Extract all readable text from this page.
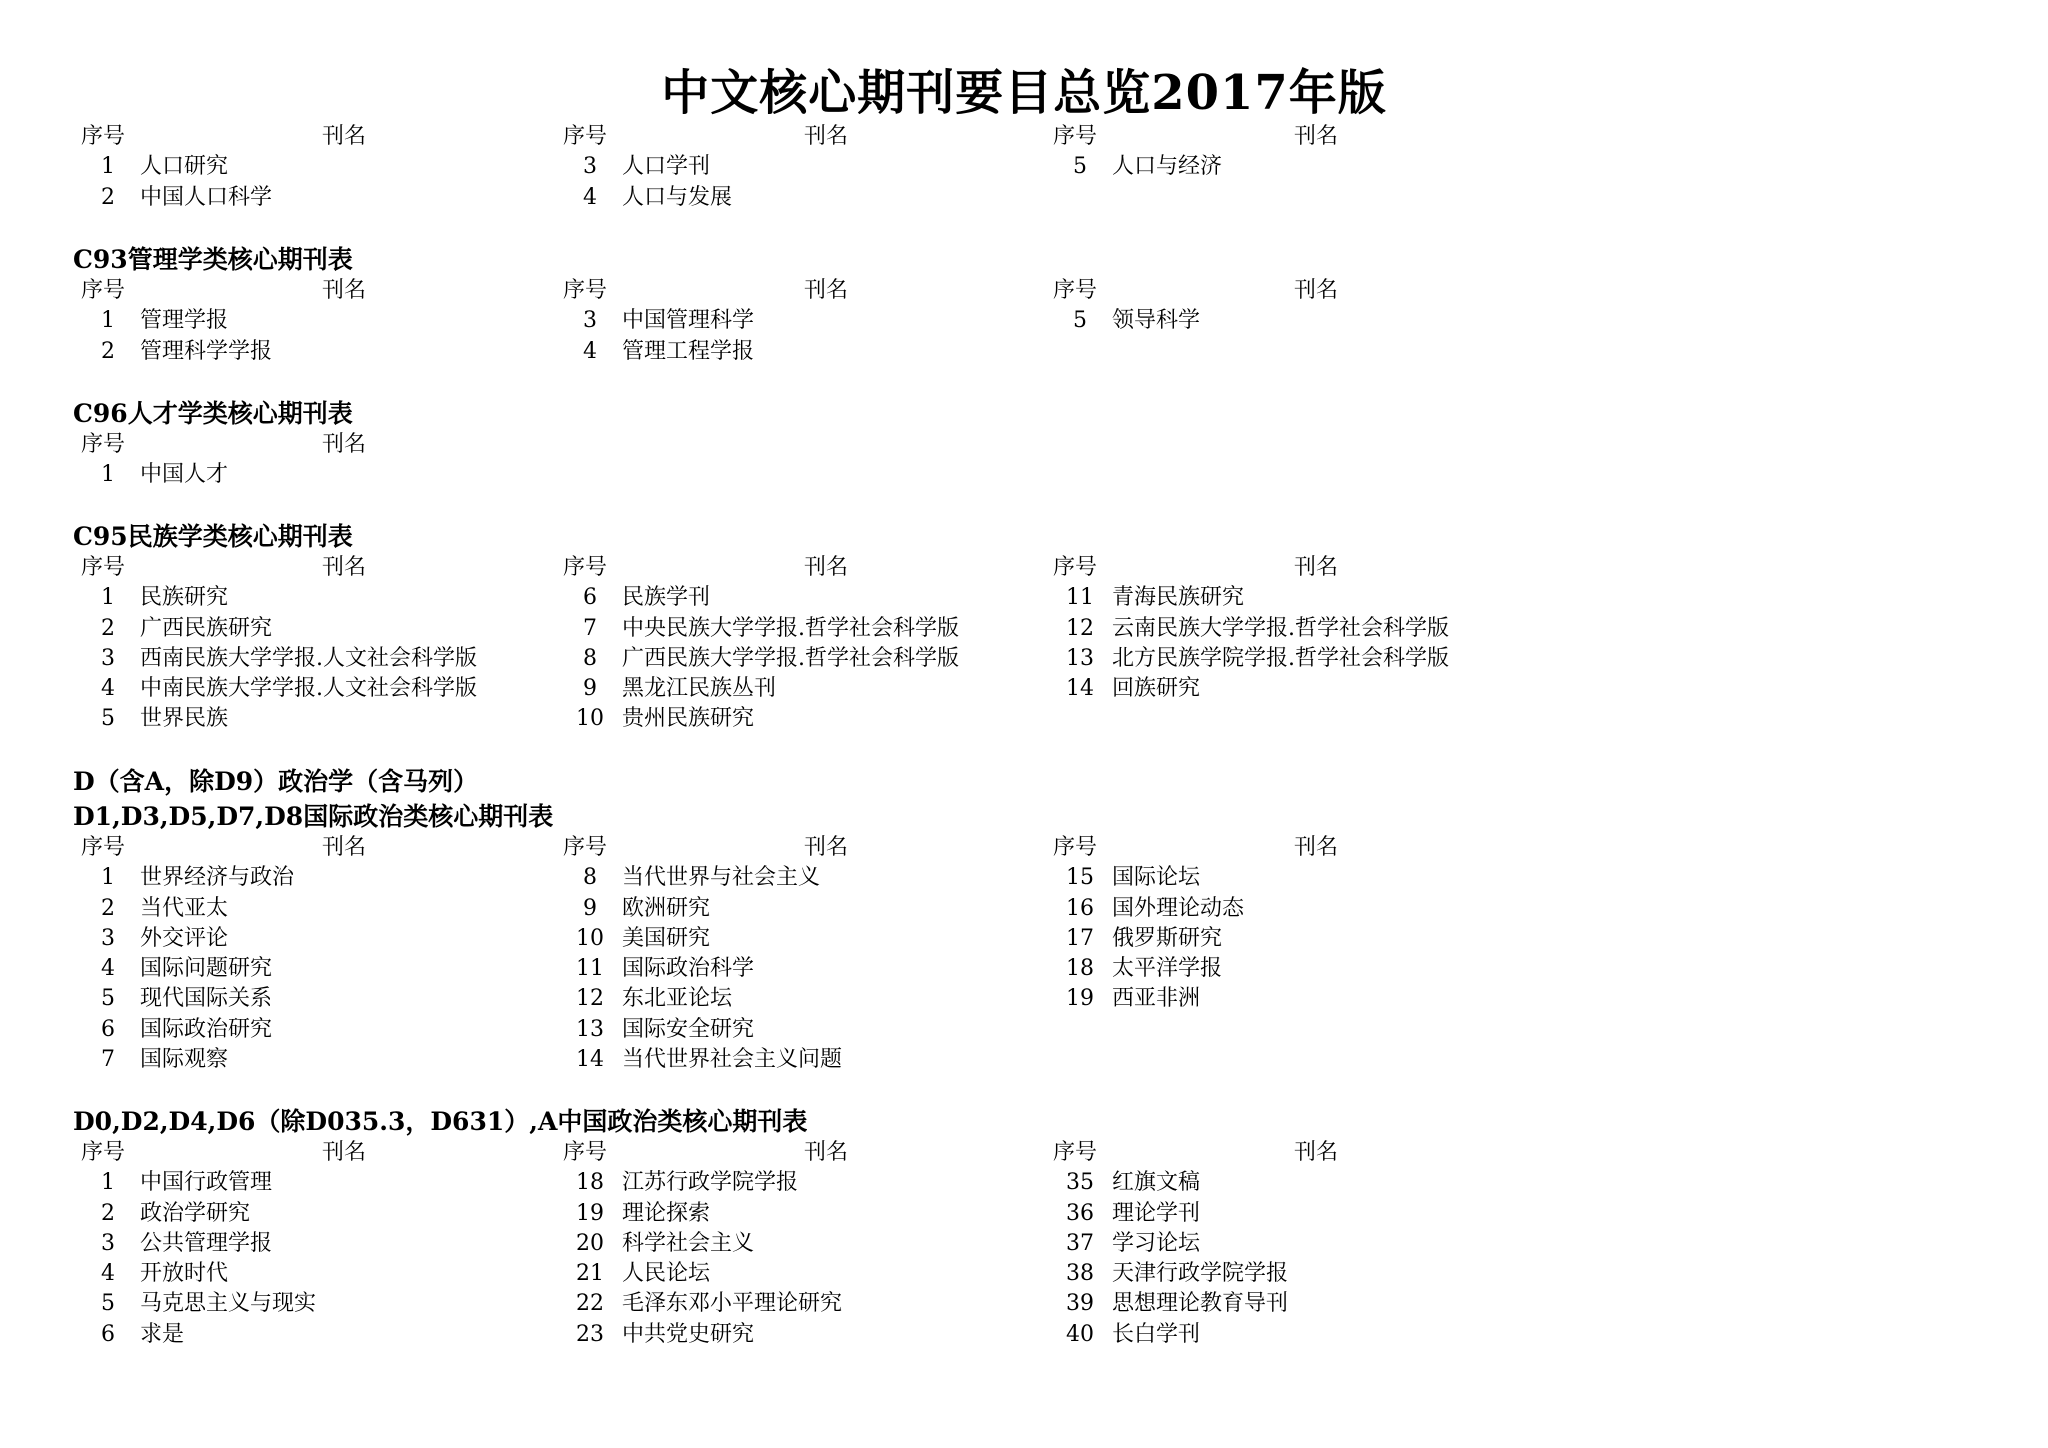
中文核心期刊要目总览2017年版
序号	刊名
1	人口研究
2	中国人口科学
序号	刊名
3	人口学刊
4	人口与发展
序号	刊名
5	人口与经济
C93管理学类核心期刊表
序号	刊名
1	管理学报
2	管理科学学报
序号	刊名
3	中国管理科学
4	管理工程学报
序号	刊名
5	领导科学
C96人才学类核心期刊表
序号	刊名
1	中国人才
C95民族学类核心期刊表
序号	刊名
1	民族研究
2	广西民族研究
3	西南民族大学学报.人文社会科学版
4	中南民族大学学报.人文社会科学版
5	世界民族
序号	刊名
6	民族学刊
7	中央民族大学学报.哲学社会科学版
8	广西民族大学学报.哲学社会科学版
9	黑龙江民族丛刊
10 贵州民族研究
序号	刊名
11 青海民族研究
12 云南民族大学学报.哲学社会科学版
13 北方民族学院学报.哲学社会科学版
14 回族研究
D（含A，除D9）政治学（含马列）
D1,D3,D5,D7,D8国际政治类核心期刊表
序号	刊名
1	世界经济与政治
2	当代亚太
3	外交评论
4	国际问题研究
5	现代国际关系
6	国际政治研究
7	国际观察
序号	刊名
8	当代世界与社会主义
9	欧洲研究
10 美国研究
11 国际政治科学
12 东北亚论坛
13 国际安全研究
14 当代世界社会主义问题
序号	刊名
15 国际论坛
16 国外理论动态
17 俄罗斯研究
18 太平洋学报
19 西亚非洲
D0,D2,D4,D6（除D035.3，D631）,A中国政治类核心期刊表
序号	刊名
1	中国行政管理
2	政治学研究
3	公共管理学报
4	开放时代
5	马克思主义与现实
6	求是
序号	刊名
18 江苏行政学院学报
19 理论探索
20 科学社会主义
21 人民论坛
22 毛泽东邓小平理论研究
23 中共党史研究
序号	刊名
35 红旗文稿
36 理论学刊
37 学习论坛
38 天津行政学院学报
39 思想理论教育导刊
40 长白学刊
